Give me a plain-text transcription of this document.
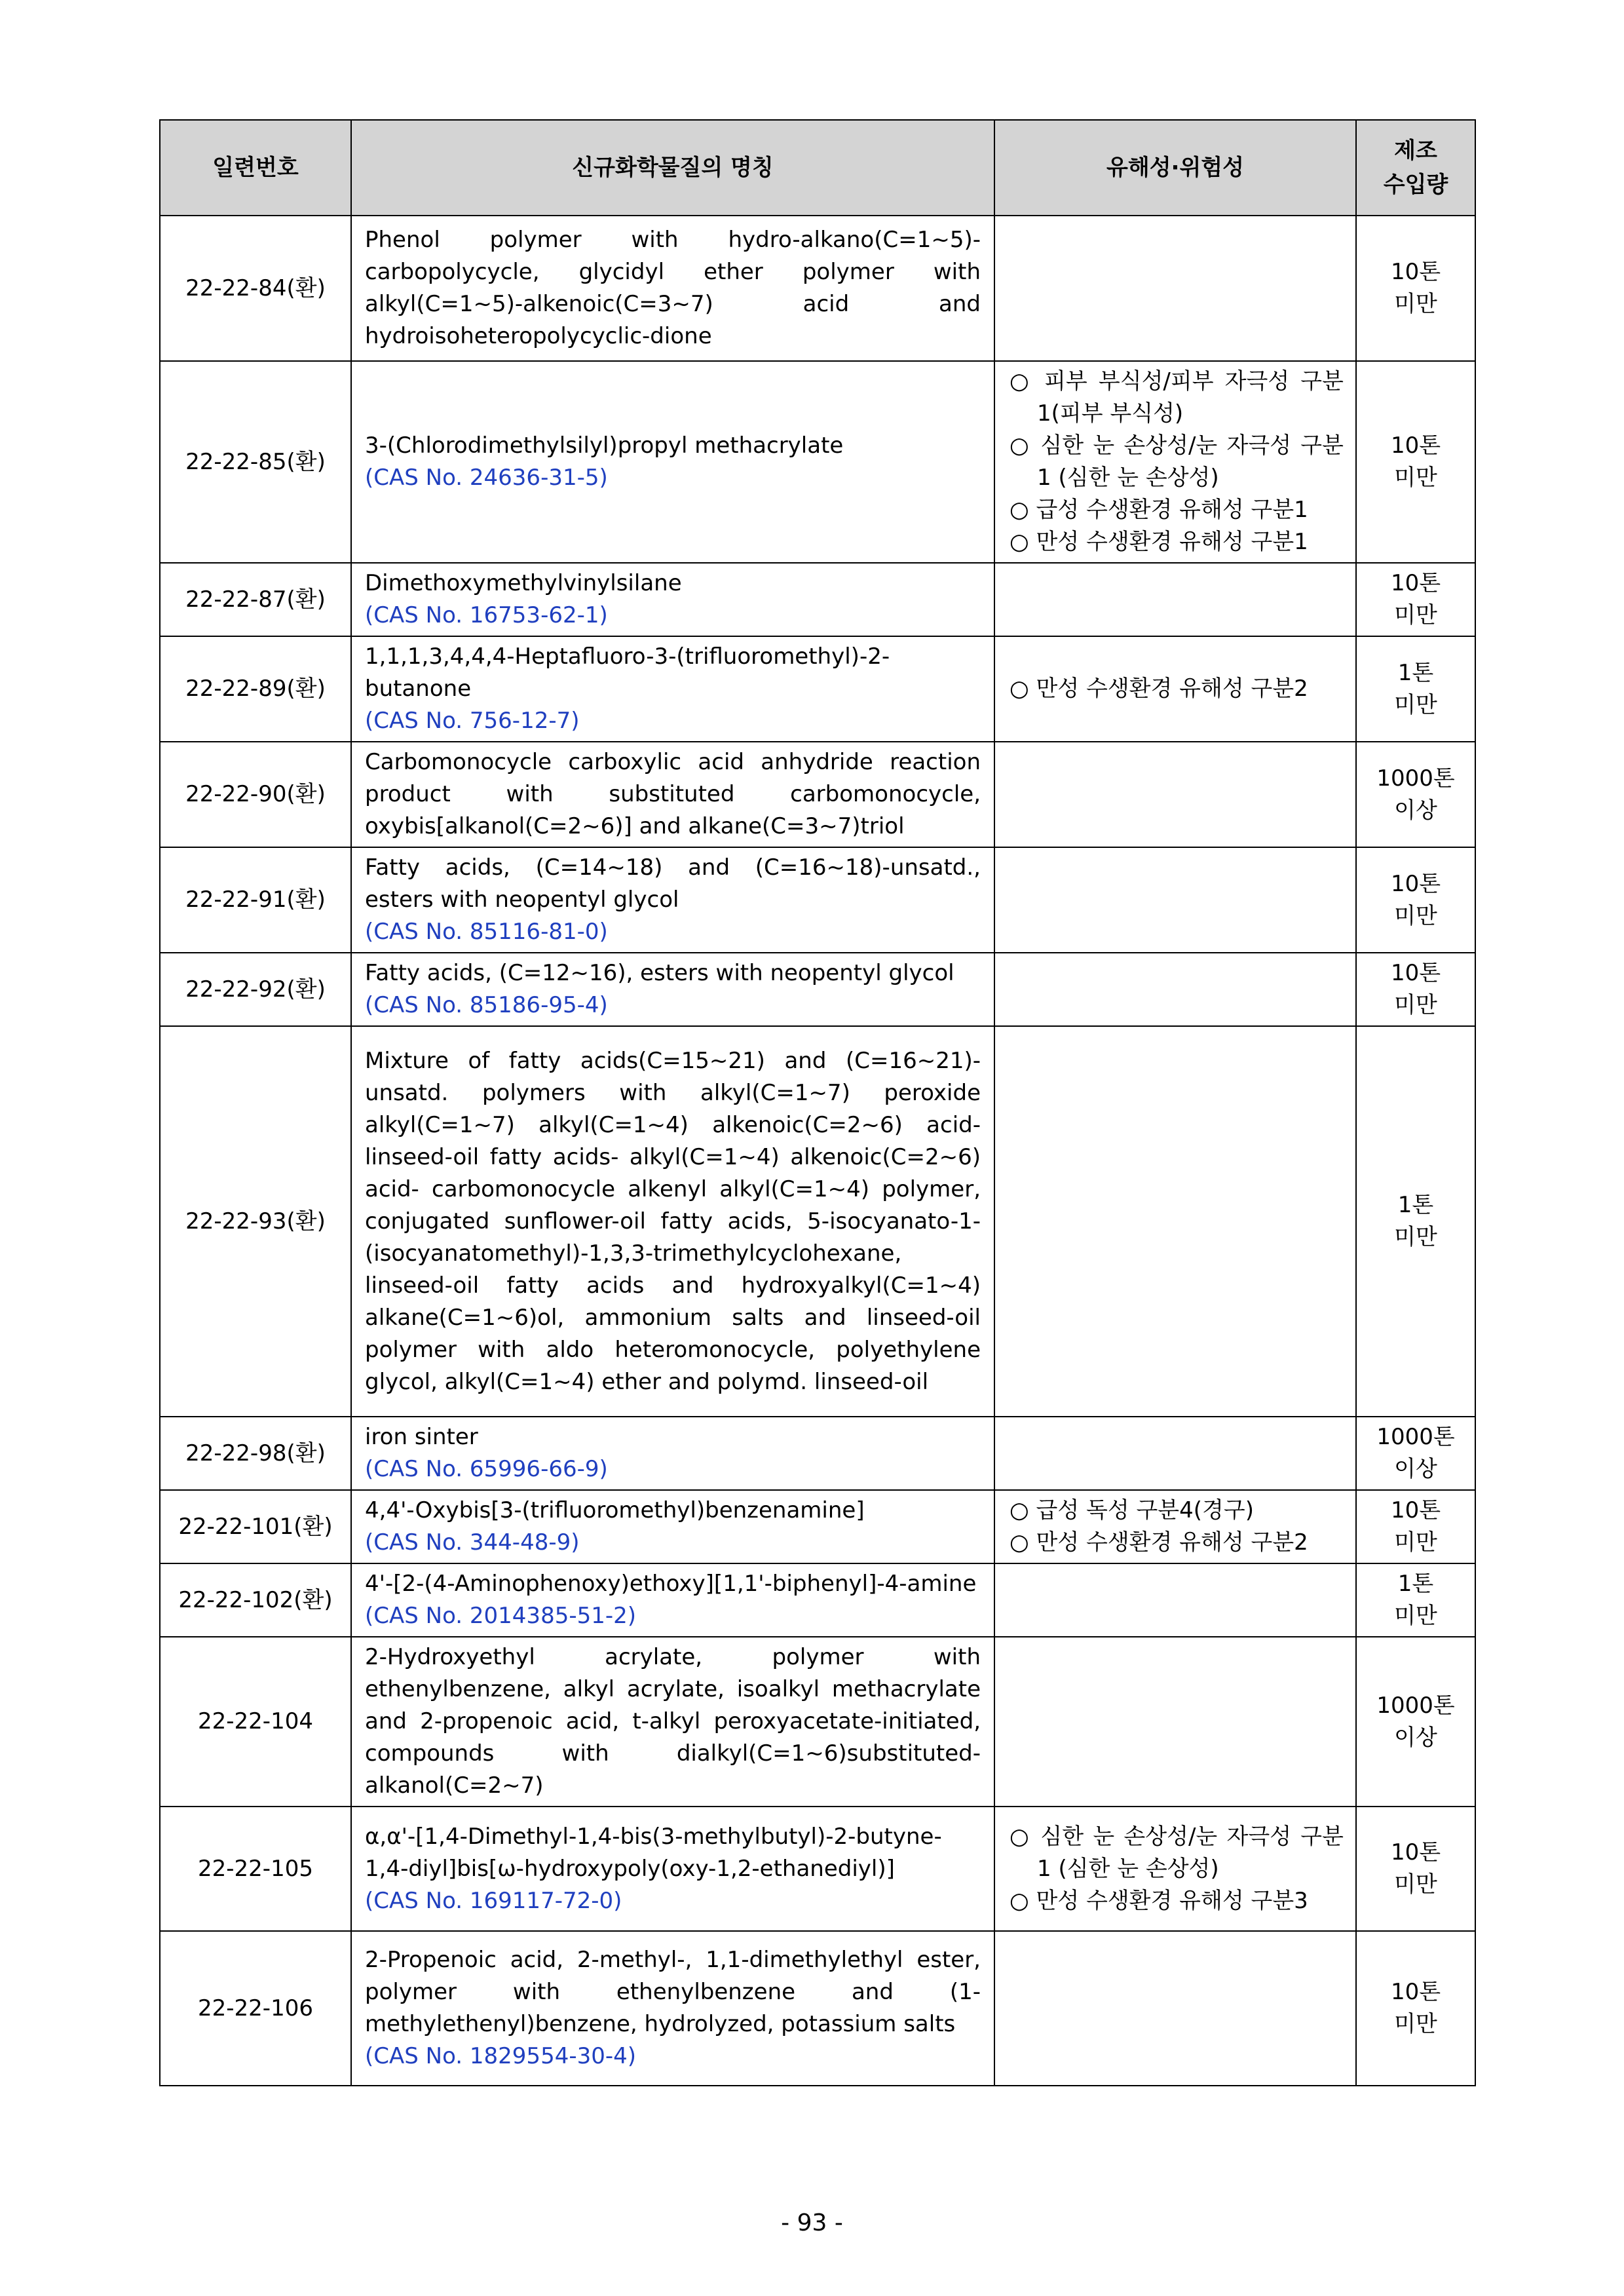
일련번호	신규화학물질의 명칭	유해성·위험성	제조
수입량
22-22-84(환)	Phenol polymer with hydro-alkano(C=1~5)-carbopolycycle, glycidyl ether polymer with alkyl(C=1~5)-alkenoic(C=3~7) acid and hydroisoheteropolycyclic-dione		10톤
미만
22-22-85(환)	3-(Chlorodimethylsilyl)propyl methacrylate
(CAS No. 24636-31-5)	○ 피부 부식성/피부 자극성 구분1(피부 부식성)
○ 심한 눈 손상성/눈 자극성 구분1 (심한 눈 손상성)
○ 급성 수생환경 유해성 구분1
○ 만성 수생환경 유해성 구분1	10톤
미만
22-22-87(환)	Dimethoxymethylvinylsilane
(CAS No. 16753-62-1)		10톤
미만
22-22-89(환)	1,1,1,3,4,4,4-Heptafluoro-3-(trifluoromethyl)-2-butanone
(CAS No. 756-12-7)	○ 만성 수생환경 유해성 구분2	1톤
미만
22-22-90(환)	Carbomonocycle carboxylic acid anhydride reaction product with substituted carbomonocycle, oxybis[alkanol(C=2~6)] and alkane(C=3~7)triol		1000톤
이상
22-22-91(환)	Fatty acids, (C=14~18) and (C=16~18)-unsatd., esters with neopentyl glycol
(CAS No. 85116-81-0)		10톤
미만
22-22-92(환)	Fatty acids, (C=12~16), esters with neopentyl glycol
(CAS No. 85186-95-4)		10톤
미만
22-22-93(환)	Mixture of fatty acids(C=15~21) and (C=16~21)-unsatd. polymers with alkyl(C=1~7) peroxide alkyl(C=1~7) alkyl(C=1~4) alkenoic(C=2~6) acid-linseed-oil fatty acids- alkyl(C=1~4) alkenoic(C=2~6) acid- carbomonocycle alkenyl alkyl(C=1~4) polymer, conjugated sunflower-oil fatty acids, 5-isocyanato-1-(isocyanatomethyl)-1,3,3-trimethylcyclohexane, linseed-oil fatty acids and hydroxyalkyl(C=1~4) alkane(C=1~6)ol, ammonium salts and linseed-oil polymer with aldo heteromonocycle, polyethylene glycol, alkyl(C=1~4) ether and polymd. linseed-oil		1톤
미만
22-22-98(환)	iron sinter
(CAS No. 65996-66-9)		1000톤
이상
22-22-101(환)	4,4'-Oxybis[3-(trifluoromethyl)benzenamine]
(CAS No. 344-48-9)	○ 급성 독성 구분4(경구)
○ 만성 수생환경 유해성 구분2	10톤
미만
22-22-102(환)	4'-[2-(4-Aminophenoxy)ethoxy][1,1'-biphenyl]-4-amine
(CAS No. 2014385-51-2)		1톤
미만
22-22-104	2-Hydroxyethyl acrylate, polymer with ethenylbenzene, alkyl acrylate, isoalkyl methacrylate and 2-propenoic acid, t-alkyl peroxyacetate-initiated, compounds with dialkyl(C=1~6)substituted-alkanol(C=2~7)		1000톤
이상
22-22-105	α,α'-[1,4-Dimethyl-1,4-bis(3-methylbutyl)-2-butyne-1,4-diyl]bis[ω-hydroxypoly(oxy-1,2-ethanediyl)]
(CAS No. 169117-72-0)	○ 심한 눈 손상성/눈 자극성 구분1 (심한 눈 손상성)
○ 만성 수생환경 유해성 구분3	10톤
미만
22-22-106	2-Propenoic acid, 2-methyl-, 1,1-dimethylethyl ester, polymer with ethenylbenzene and (1-methylethenyl)benzene, hydrolyzed, potassium salts
(CAS No. 1829554-30-4)		10톤
미만
- 93 -
